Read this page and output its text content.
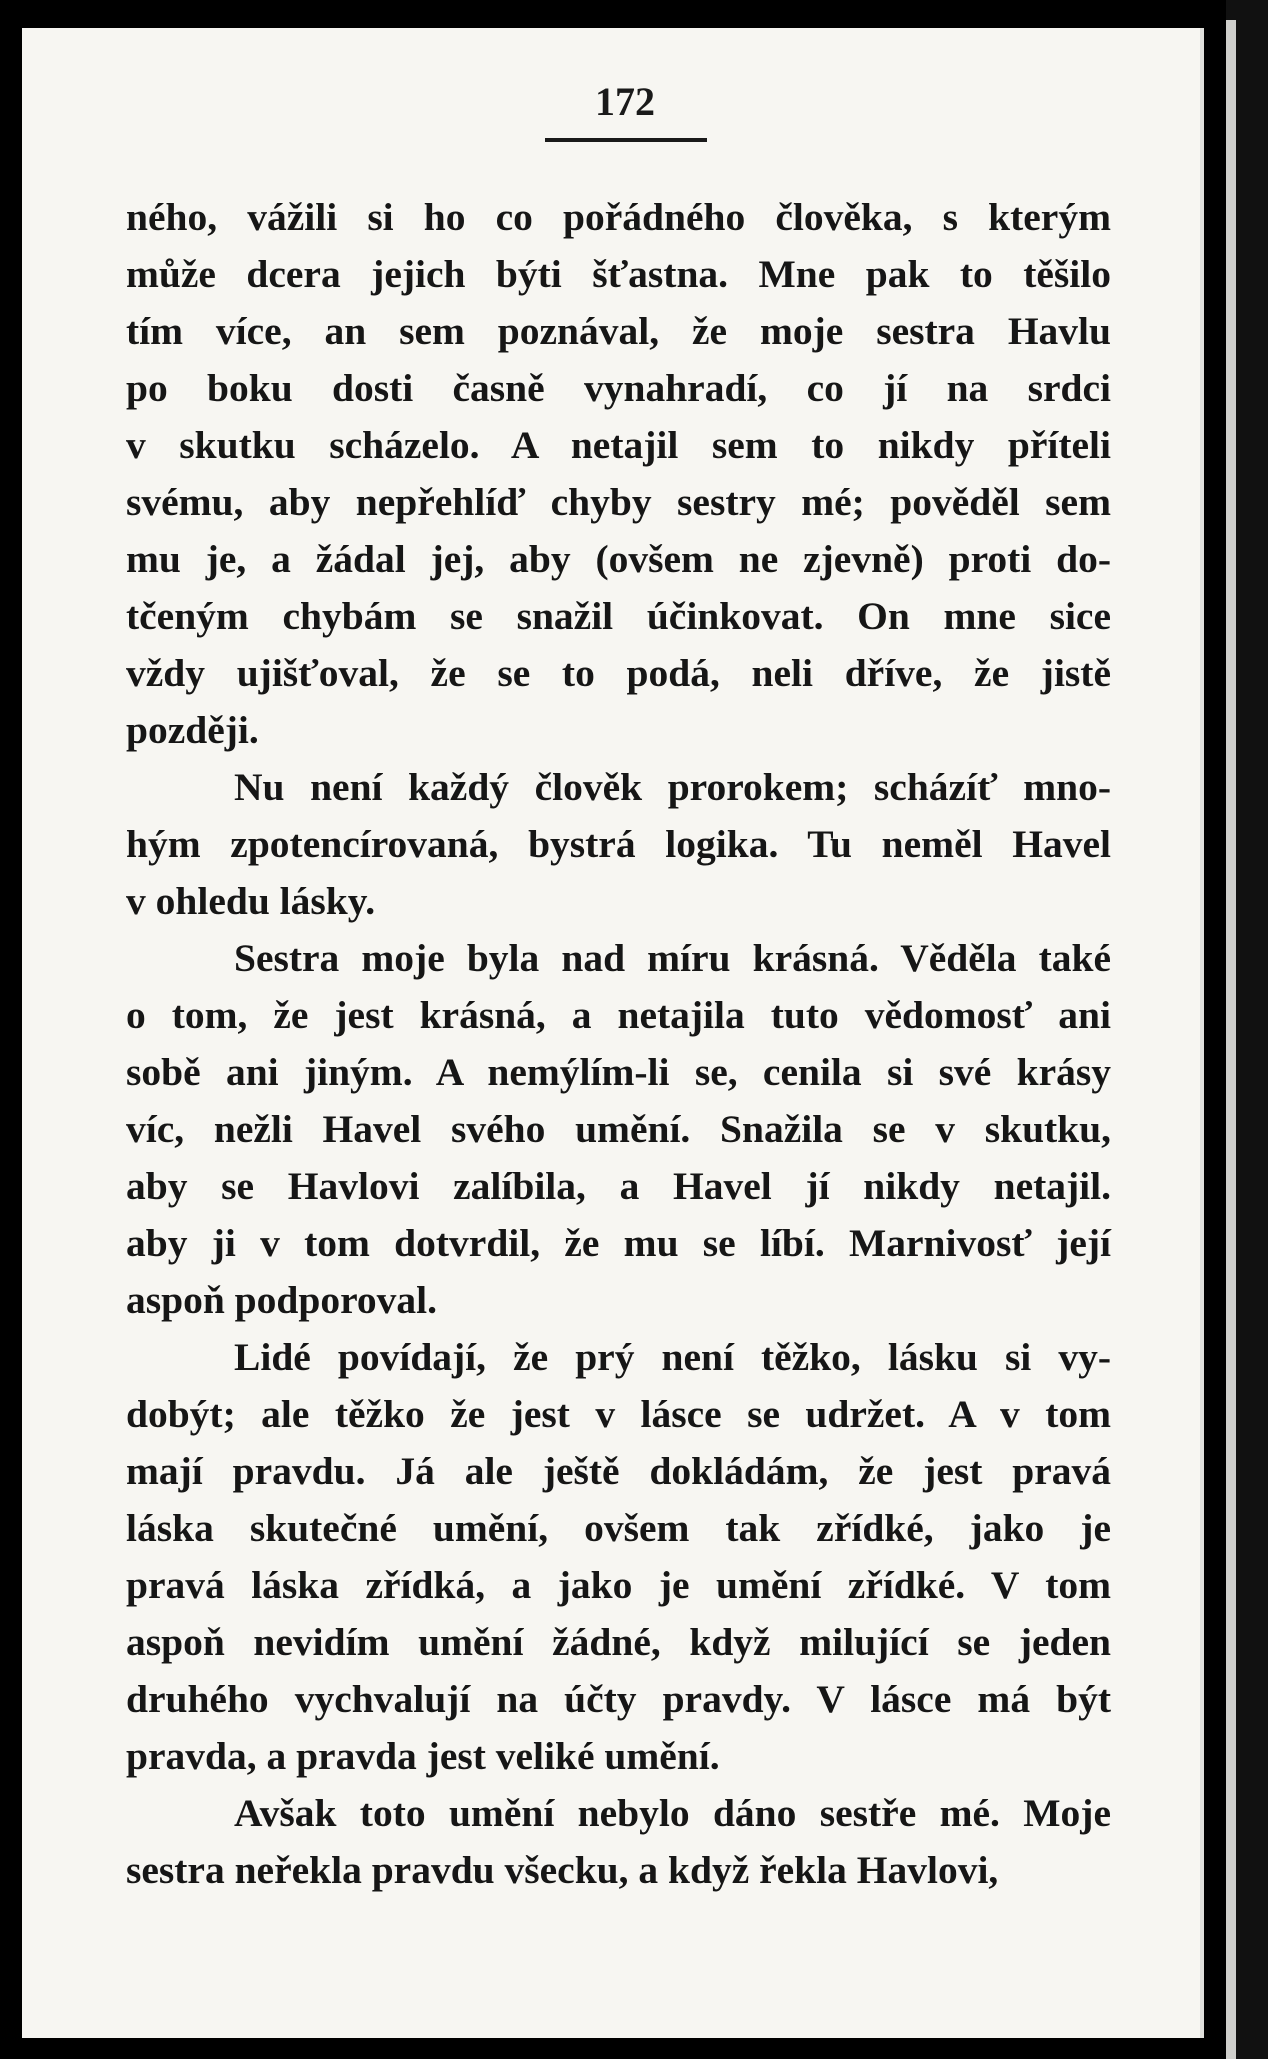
172
ného, vážili si ho co pořádného člověka, s kterým
může dcera jejich býti šťastna. Mne pak to těšilo
tím více, an sem poznával, že moje sestra Havlu
po boku dosti časně vynahradí, co jí na srdci
v skutku scházelo. A netajil sem to nikdy příteli
svému, aby nepřehlíď chyby sestry mé; pověděl sem
mu je, a žádal jej, aby (ovšem ne zjevně) proti do-
tčeným chybám se snažil účinkovat. On mne sice
vždy ujišťoval, že se to podá, neli dříve, že jistě
později.
Nu není každý člověk prorokem; scházíť mno-
hým zpotencírovaná, bystrá logika. Tu neměl Havel
v ohledu lásky.
Sestra moje byla nad míru krásná. Věděla také
o tom, že jest krásná, a netajila tuto vědomosť ani
sobě ani jiným. A nemýlím-li se, cenila si své krásy
víc, nežli Havel svého umění. Snažila se v skutku,
aby se Havlovi zalíbila, a Havel jí nikdy netajil.
aby ji v tom dotvrdil, že mu se líbí. Marnivosť její
aspoň podporoval.
Lidé povídají, že prý není těžko, lásku si vy-
dobýt; ale těžko že jest v lásce se udržet. A v tom
mají pravdu. Já ale ještě dokládám, že jest pravá
láska skutečné umění, ovšem tak zřídké, jako je
pravá láska zřídká, a jako je umění zřídké. V tom
aspoň nevidím umění žádné, když milující se jeden
druhého vychvalují na účty pravdy. V lásce má být
pravda, a pravda jest veliké umění.
Avšak toto umění nebylo dáno sestře mé. Moje
sestra neřekla pravdu všecku, a když řekla Havlovi,
